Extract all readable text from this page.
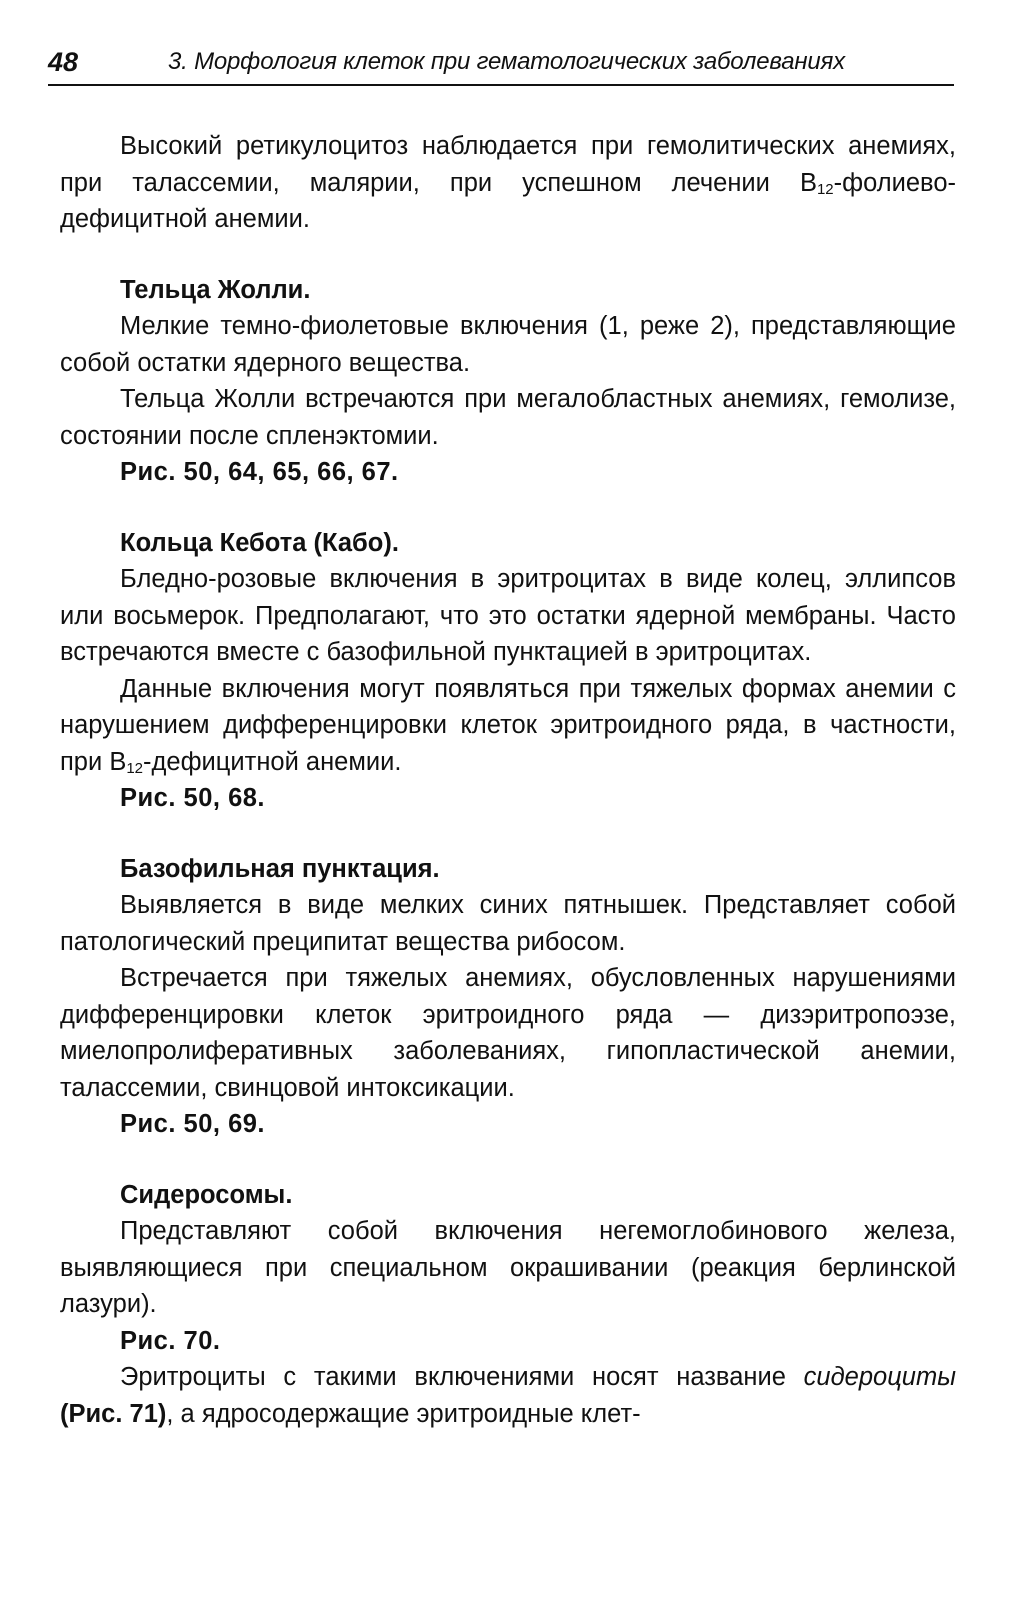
48	3. Морфология клеток при гематологических заболеваниях

Высокий ретикулоцитоз наблюдается при гемолитических анемиях, при талассемии, малярии, при успешном лечении $B_{12}-фолиево$-дефицитной анемии.

Тельца Жолли.

Мелкие темно-фиолетовые включения (1, реже 2), представляющие собой остатки ядерного вещества.

Тельца Жолли встречаются при мегалобластных анемиях, гемолизе, состоянии после спленэктомии.

Рис. 50, 64, 65, 66, 67.

Кольца Кебота (Кабо).

Бледно-розовые включения в эритроцитах в виде колец, эллипсов или восьмерок. Предполагают, что это остатки ядерной мембраны. Часто встречаются вместе с базофильной пунктацией в эритроцитах.

Данные включения могут появляться при тяжелых формах анемии с нарушением дифференцировки клеток эритроидного ряда, в частности, при $B_{12}$-дефицитной анемии.

Рис. 50, 68.

Базофильная пунктация.

Выявляется в виде мелких синих пятнышек. Представляет собой патологический преципитат вещества рибосом.

Встречается при тяжелых анемиях, обусловленных нарушениями дифференцировки клеток эритроидного ряда — дизэритропоэзе, миелопролиферативных заболеваниях, гипопластической анемии, талассемии, свинцовой интоксикации.

Рис. 50, 69.

Сидеросомы.

Представляют собой включения негемоглобинового железа, выявляющиеся при специальном окрашивании (реакция берлинской лазури).

Рис. 70.

Эритроциты с такими включениями носят название сидероциты (Рис. 71), а ядросодержащие эритроидные клет-
